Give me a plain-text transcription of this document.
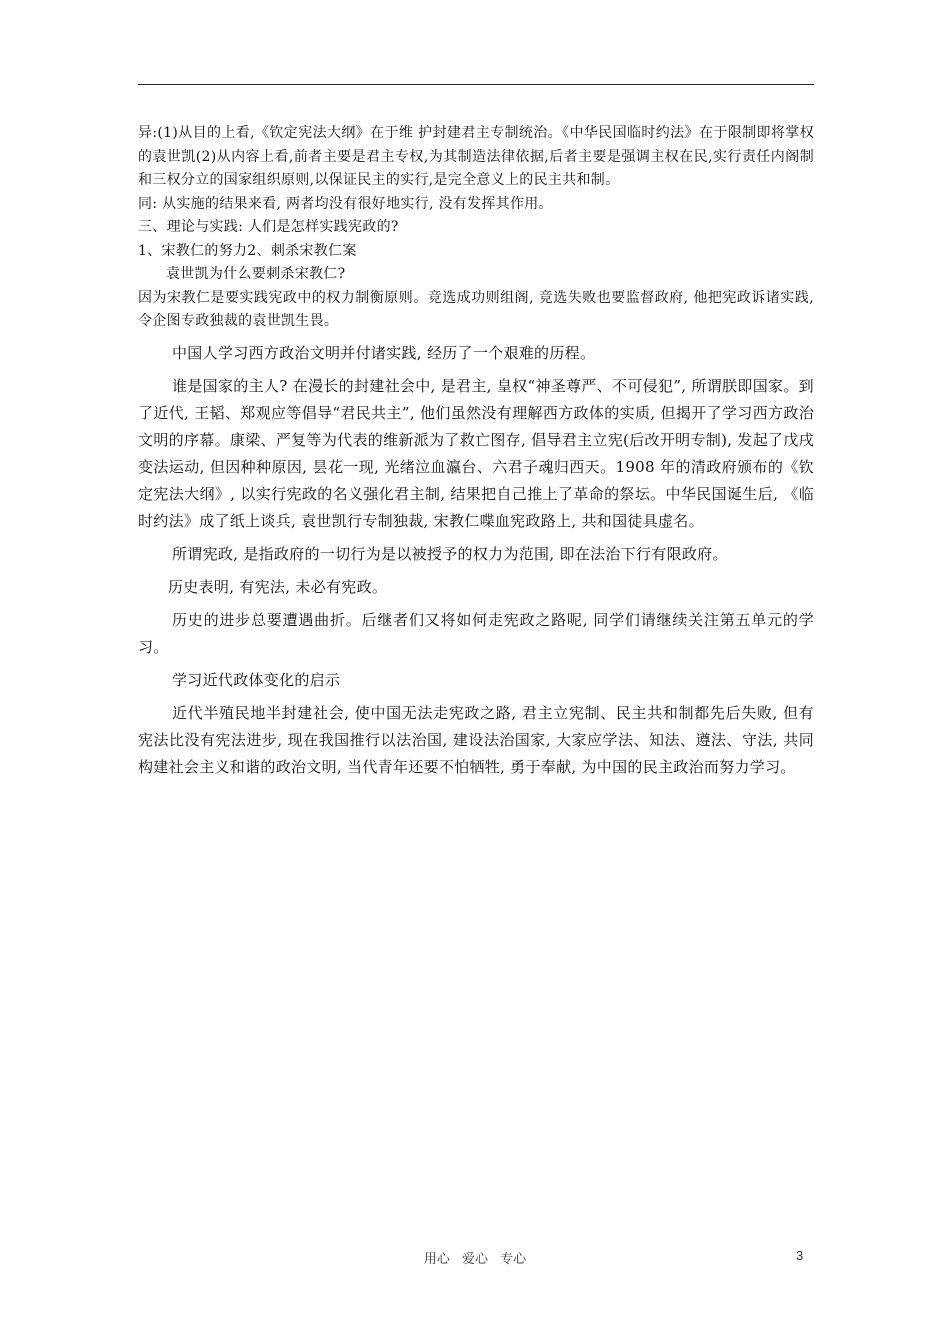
异:(1)从目的上看,《钦定宪法大纲》在于维 护封建君主专制统治。《中华民国临时约法》在于限制即将掌权的袁世凯(2)从内容上看,前者主要是君主专权,为其制造法律依据,后者主要是强调主权在民,实行责任内阁制和三权分立的国家组织原则,以保证民主的实行,是完全意义上的民主共和制。

同: 从实施的结果来看, 两者均没有很好地实行, 没有发挥其作用。

三、理论与实践: 人们是怎样实践宪政的?

1、宋教仁的努力2、刺杀宋教仁案

袁世凯为什么要刺杀宋教仁?

因为宋教仁是要实践宪政中的权力制衡原则。竞选成功则组阁, 竞选失败也要监督政府, 他把宪政诉诸实践, 令企图专政独裁的袁世凯生畏。

中国人学习西方政治文明并付诸实践, 经历了一个艰难的历程。

谁是国家的主人? 在漫长的封建社会中, 是君主, 皇权“神圣尊严、不可侵犯”, 所谓朕即国家。到了近代, 王韬、郑观应等倡导“君民共主”, 他们虽然没有理解西方政体的实质, 但揭开了学习西方政治文明的序幕。康梁、严复等为代表的维新派为了救亡图存, 倡导君主立宪(后改开明专制), 发起了戊戌变法运动, 但因种种原因, 昙花一现, 光绪泣血瀛台、六君子魂归西天。1908 年的清政府颁布的《钦定宪法大纲》, 以实行宪政的名义强化君主制, 结果把自己推上了革命的祭坛。中华民国诞生后, 《临时约法》成了纸上谈兵, 袁世凯行专制独裁, 宋教仁喋血宪政路上, 共和国徒具虚名。

所谓宪政, 是指政府的一切行为是以被授予的权力为范围, 即在法治下行有限政府。

历史表明, 有宪法, 未必有宪政。

历史的进步总要遭遇曲折。后继者们又将如何走宪政之路呢, 同学们请继续关注第五单元的学习。

学习近代政体变化的启示

近代半殖民地半封建社会, 使中国无法走宪政之路, 君主立宪制、民主共和制都先后失败, 但有宪法比没有宪法进步, 现在我国推行以法治国, 建设法治国家, 大家应学法、知法、遵法、守法, 共同构建社会主义和谐的政治文明, 当代青年还要不怕牺牲, 勇于奉献, 为中国的民主政治而努力学习。

用心 爱心 专心	3
